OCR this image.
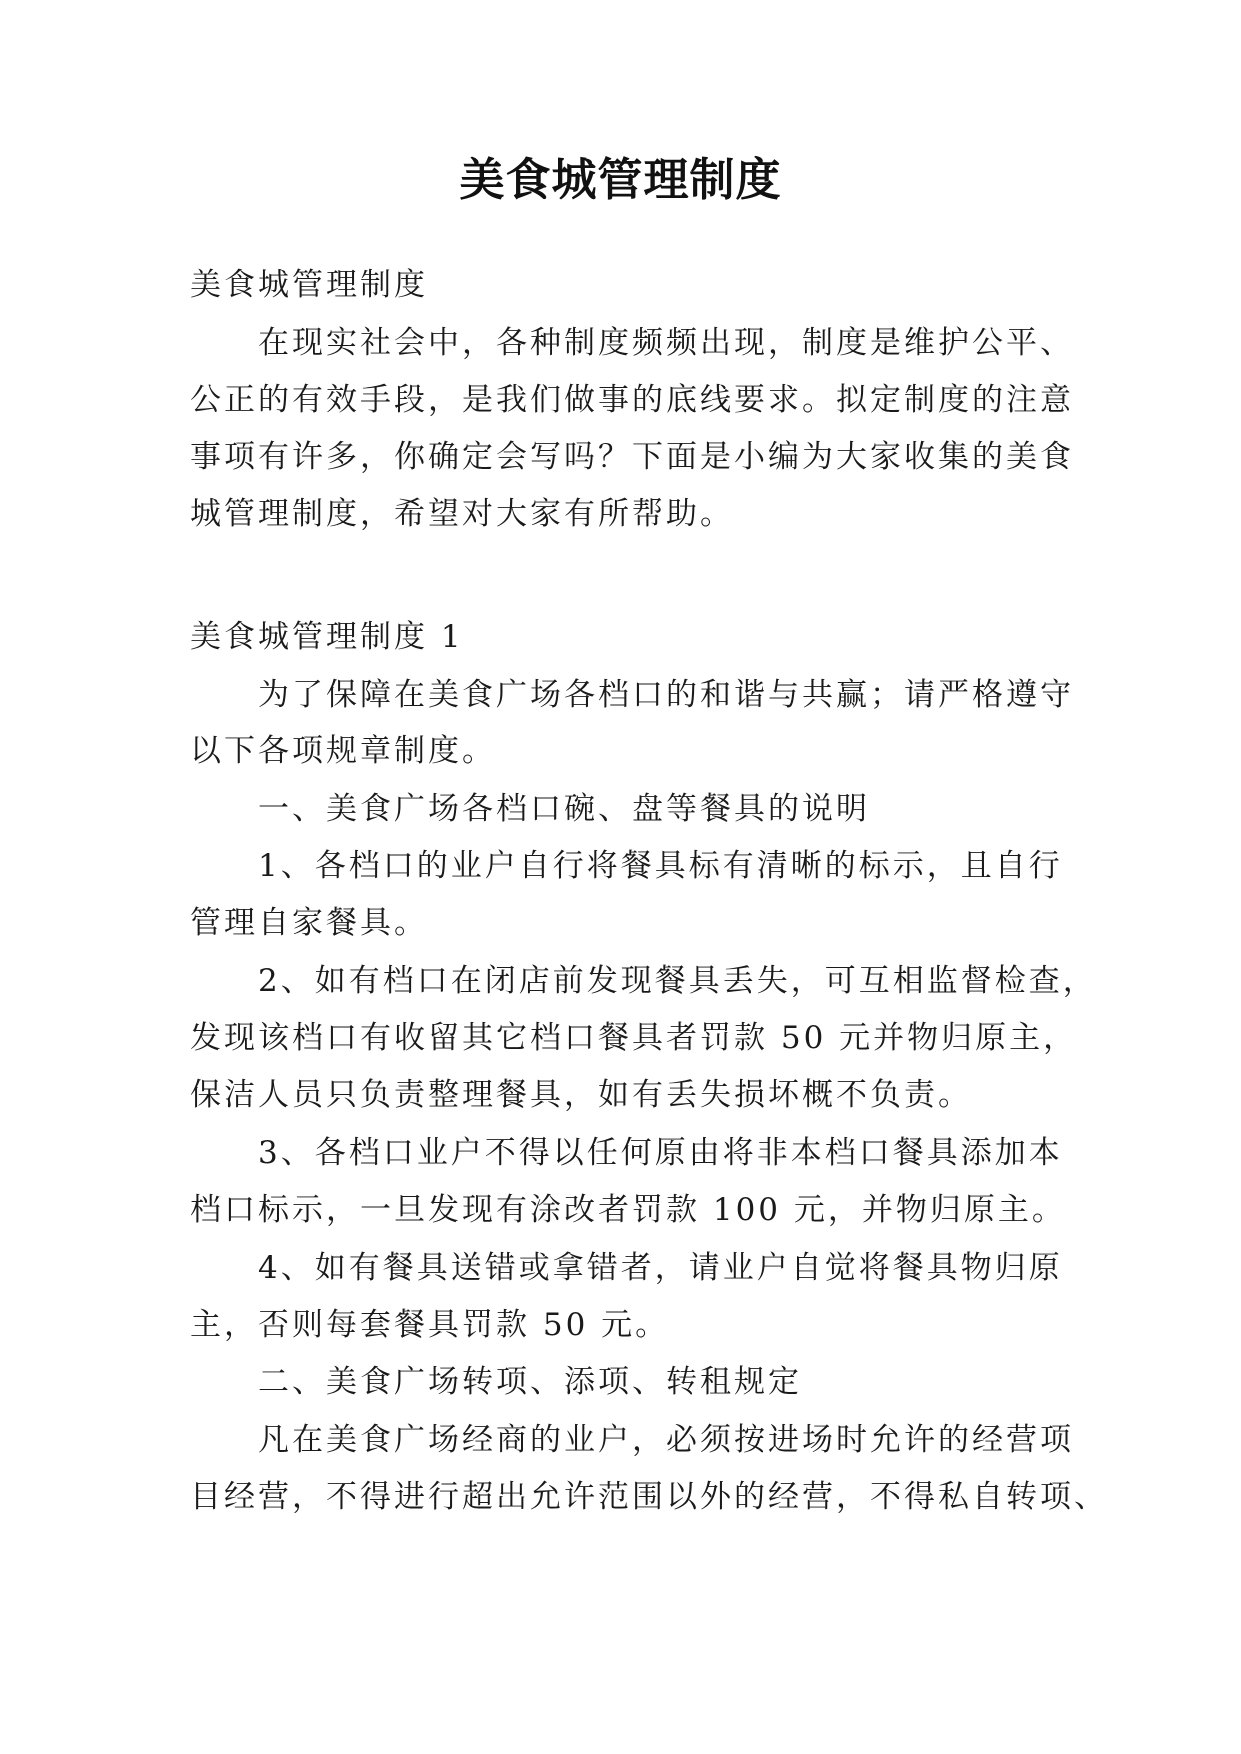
美食城管理制度
美食城管理制度
在现实社会中，各种制度频频出现，制度是维护公平、
公正的有效手段，是我们做事的底线要求。拟定制度的注意
事项有许多，你确定会写吗？下面是小编为大家收集的美食
城管理制度，希望对大家有所帮助。
美食城管理制度 1
为了保障在美食广场各档口的和谐与共赢；请严格遵守
以下各项规章制度。
一、美食广场各档口碗、盘等餐具的说明
1、各档口的业户自行将餐具标有清晰的标示，且自行
管理自家餐具。
2、如有档口在闭店前发现餐具丢失，可互相监督检查，
发现该档口有收留其它档口餐具者罚款 50 元并物归原主，
保洁人员只负责整理餐具，如有丢失损坏概不负责。
3、各档口业户不得以任何原由将非本档口餐具添加本
档口标示，一旦发现有涂改者罚款 100 元，并物归原主。
4、如有餐具送错或拿错者，请业户自觉将餐具物归原
主，否则每套餐具罚款 50 元。
二、美食广场转项、添项、转租规定
凡在美食广场经商的业户，必须按进场时允许的经营项
目经营，不得进行超出允许范围以外的经营，不得私自转项、
